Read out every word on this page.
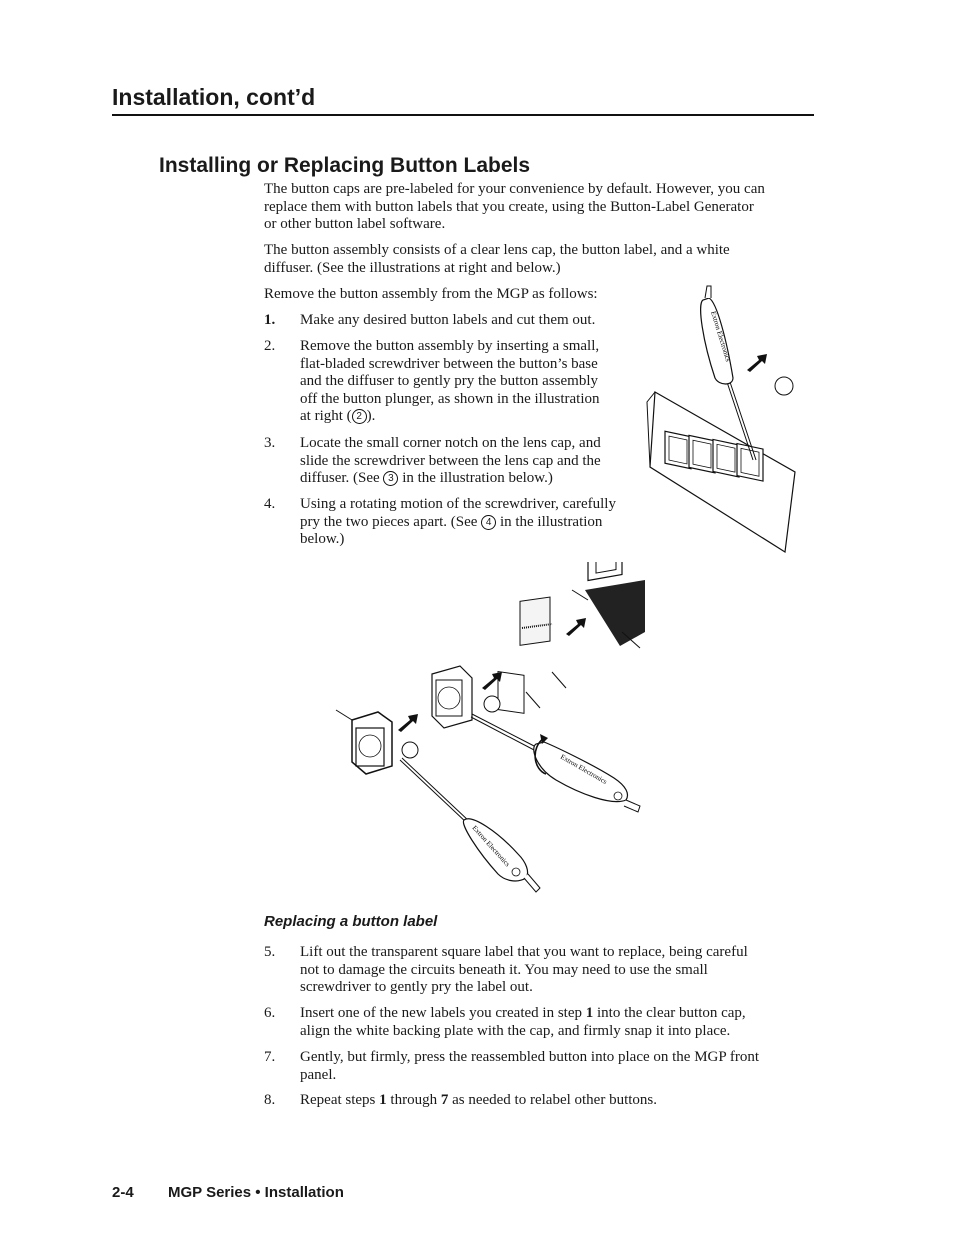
Installation, cont’d
Installing or Replacing Button Labels

The button caps are pre-labeled for your convenience by default. However, you can
replace them with button labels that you create, using the Button-Label Generator
or other button label software.

The button assembly consists of a clear lens cap, the button label, and a white
diffuser. (See the illustrations at right and below.)

Remove the button assembly from the MGP as follows:

1.	Make any desired button labels and cut them out.
2.	Remove the button assembly by inserting a small,
flat-bladed screwdriver between the button’s base
and the diffuser to gently pry the button assembly
off the button plunger, as shown in the illustration
at right ( 2 ).
3.	Locate the small corner notch on the lens cap, and
slide the screwdriver between the lens cap and the
diffuser. (See 3 in the illustration below.)
4.	Using a rotating motion of the screwdriver, carefully
pry the two pieces apart. (See 4 in the illustration
below.)
Extron Electronics
Extron Electronics
Extron Electronics

Replacing a button label

5.	Lift out the transparent square label that you want to replace, being careful
not to damage the circuits beneath it. You may need to use the small
screwdriver to gently pry the label out.
6.	Insert one of the new labels you created in step 1 into the clear button cap,
align the white backing plate with the cap, and firmly snap it into place.
7.	Gently, but firmly, press the reassembled button into place on the MGP front
panel.
8.	Repeat steps 1 through 7 as needed to relabel other buttons.
2-4 MGP Series • Installation
